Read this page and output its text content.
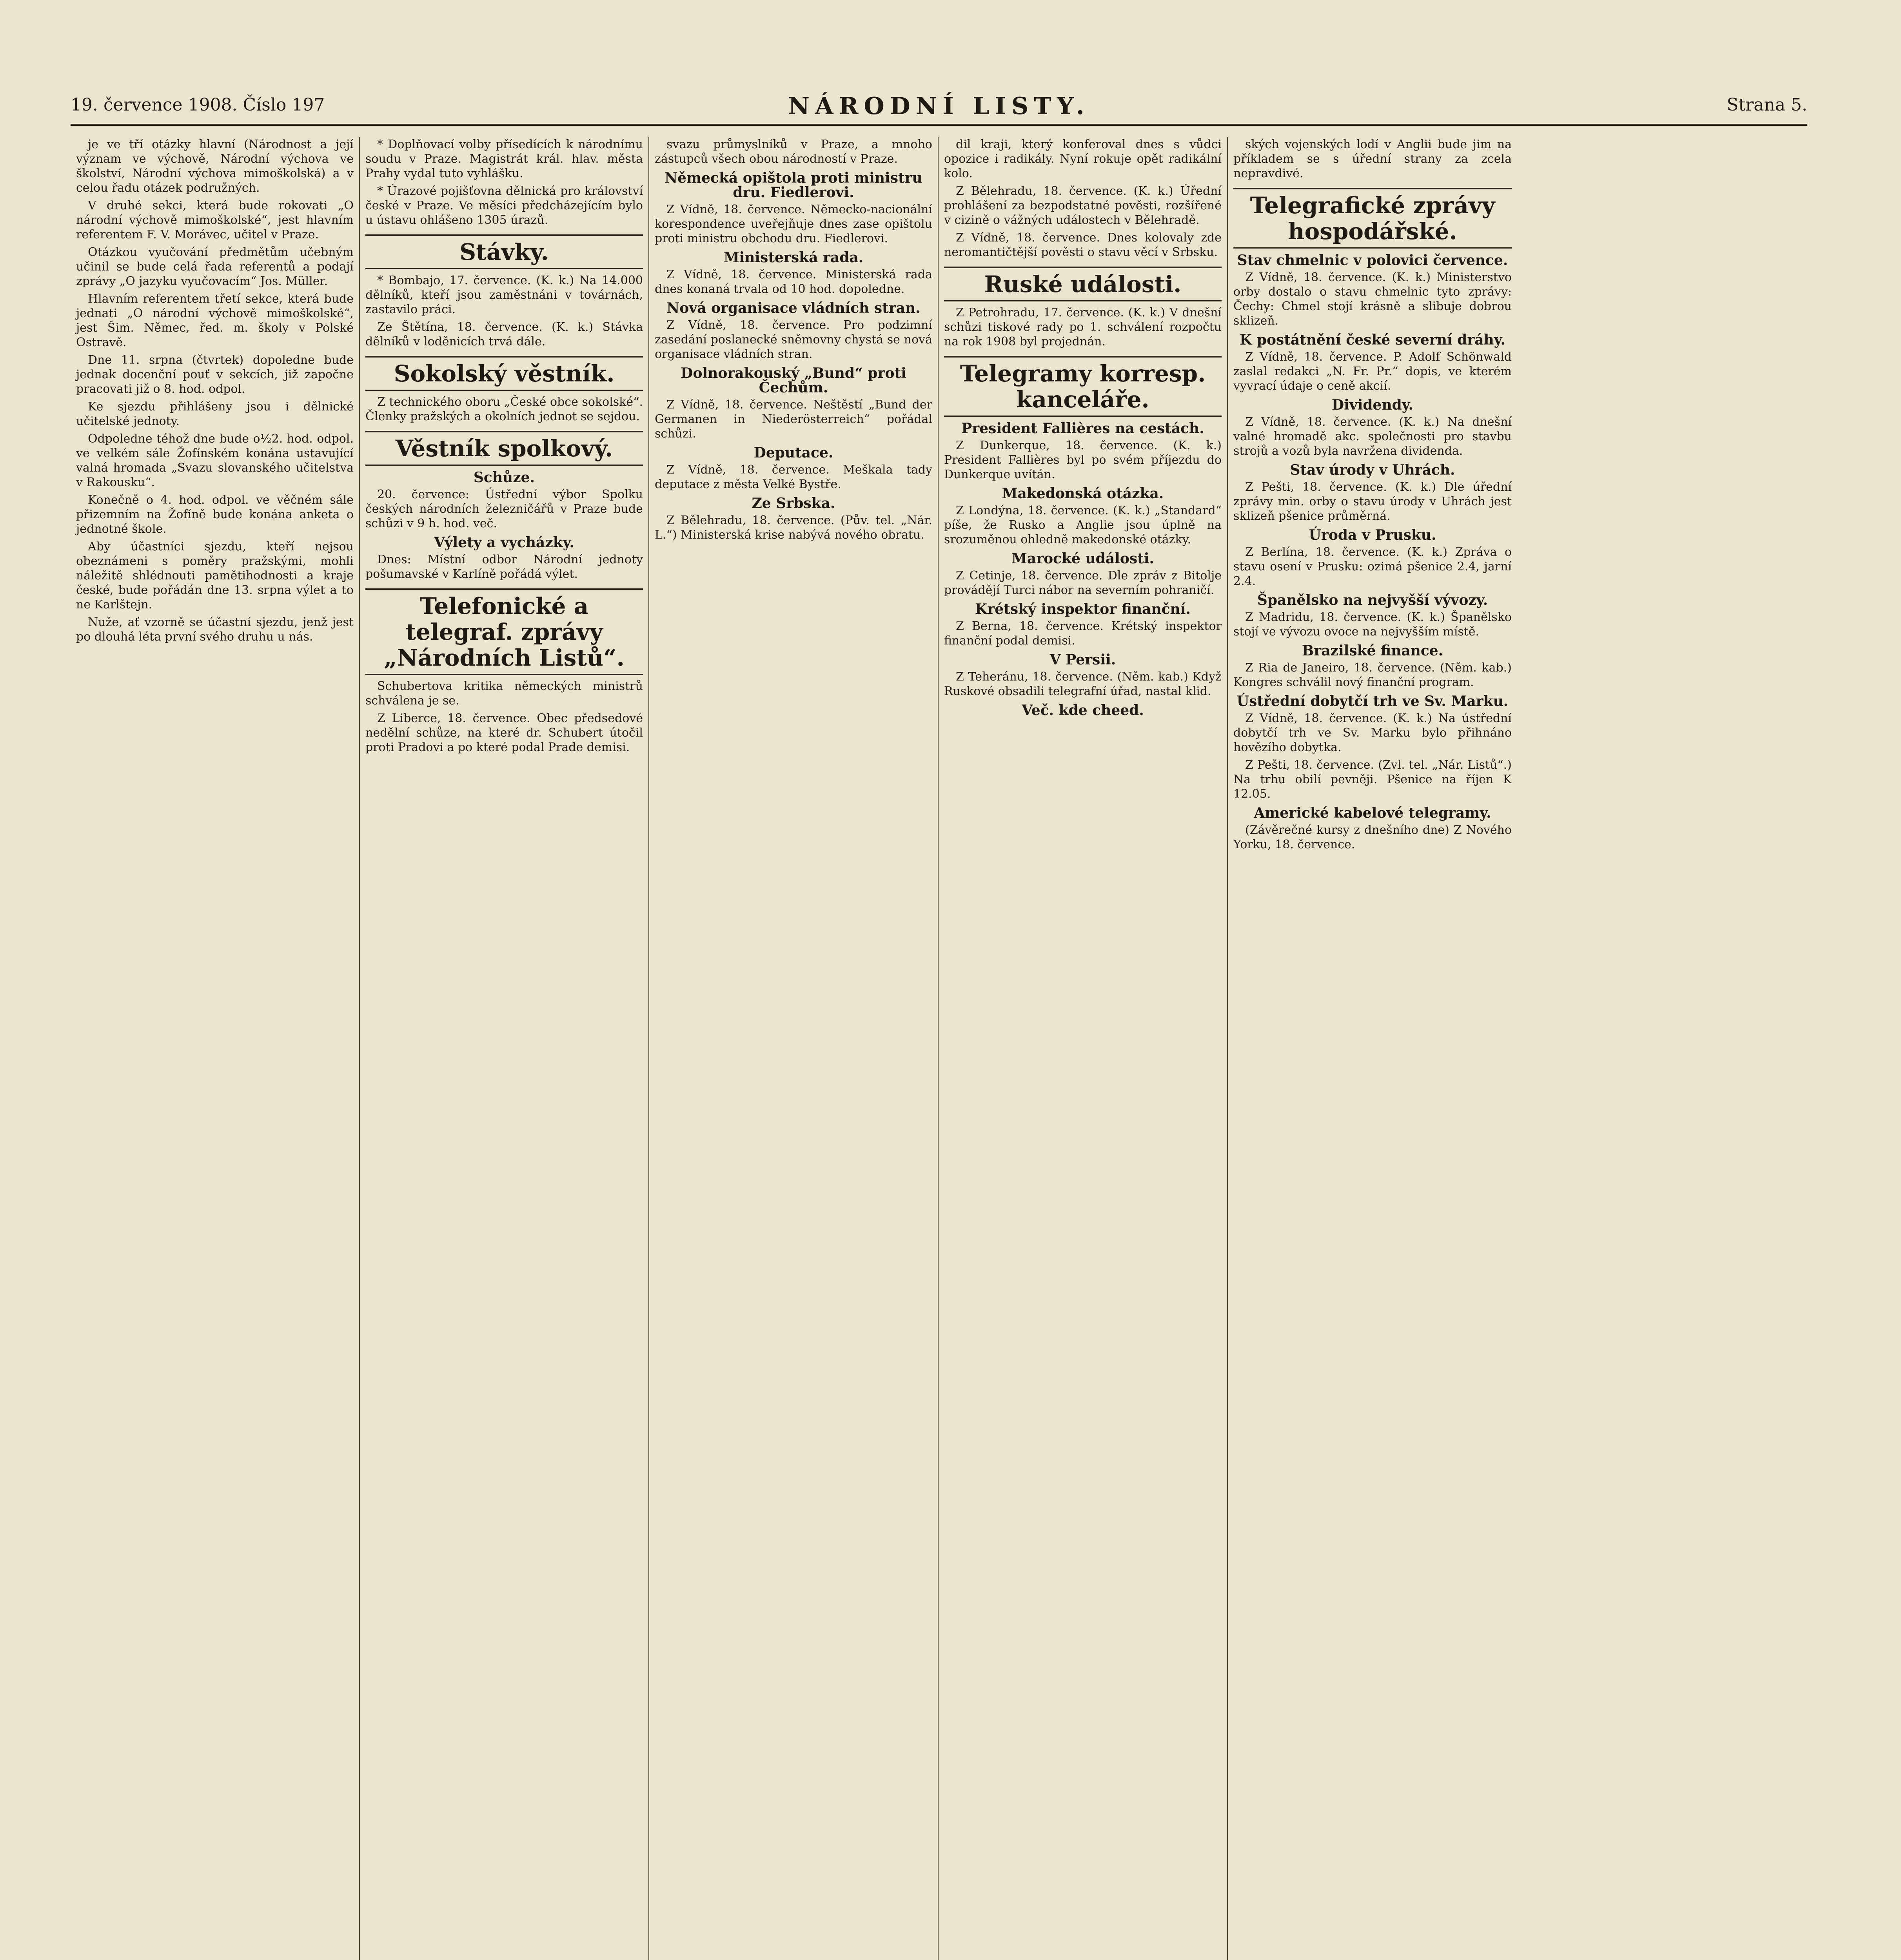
19. července 1908. Číslo 197	NÁRODNÍ LISTY.	Strana 5.

je ve tří otázky hlavní (Národnost a její význam ve výchově, Národní výchova ve školství, Národní výchova mimoškolská) a v celou řadu otázek podružných.

V druhé sekci, která bude rokovati „O národní výchově mimoškolské“, jest hlavním referentem F. V. Morávec, učitel v Praze.

Otázkou vyučování předmětům učebným učinil se bude celá řada referentů a podají zprávy „O jazyku vyučovacím“ Jos. Müller.

Hlavním referentem třetí sekce, která bude jednati „O národní výchově mimoškolské“, jest Šim. Němec, řed. m. školy v Polské Ostravě.

Dne 11. srpna (čtvrtek) dopoledne bude jednak docenční pouť v sekcích, již započne pracovati již o 8. hod. odpol.

Ke sjezdu přihlášeny jsou i dělnické učitelské jednoty.

Odpoledne téhož dne bude o½2. hod. odpol. ve velkém sále Žofínském konána ustavující valná hromada „Svazu slovanského učitelstva v Rakousku“.

Konečně o 4. hod. odpol. ve věčném sále přizemním na Žofíně bude konána anketa o jednotné škole.

Aby účastníci sjezdu, kteří nejsou obeznámeni s poměry pražskými, mohli náležitě shlédnouti pamětihodnosti a kraje české, bude pořádán dne 13. srpna výlet a to ne Karlštejn.

Nuže, ať vzorně se účastní sjezdu, jenž jest po dlouhá léta první svého druhu u nás.

* Doplňovací volby přísedících k národnímu soudu v Praze. Magistrát král. hlav. města Prahy vydal tuto vyhlášku.

* Úrazové pojišťovna dělnická pro království české v Praze. Ve měsíci předcházejícím bylo u ústavu ohlášeno 1305 úrazů.

Stávky.

* Bombajo, 17. července. (K. k.) Na 14.000 dělníků, kteří jsou zaměstnáni v továrnách, zastavilo práci.

Ze Štětína, 18. července. (K. k.) Stávka dělníků v loděnicích trvá dále.

Sokolský věstník.

Z technického oboru „České obce sokolské“. Členky pražských a okolních jednot se sejdou.

Věstník spolkový.
Schůze.

20. července: Ústřední výbor Spolku českých národních železničářů v Praze bude schůzi v 9 h. hod. več.

Výlety a vycházky.

Dnes: Místní odbor Národní jednoty pošumavské v Karlíně pořádá výlet.

Telefonické a telegraf. zprávy „Národních Listů“.

Schubertova kritika německých ministrů schválena je se.

Z Liberce, 18. července. Obec předsedové nedělní schůze, na které dr. Schubert útočil proti Pradovi a po které podal Prade demisi.

svazu průmyslníků v Praze, a mnoho zástupců všech obou národností v Praze.

Německá opištola proti ministru dru. Fiedlerovi.

Z Vídně, 18. července. Německo-nacionální korespondence uveřejňuje dnes zase opištolu proti ministru obchodu dru. Fiedlerovi.

Ministerská rada.

Z Vídně, 18. července. Ministerská rada dnes konaná trvala od 10 hod. dopoledne.

Nová organisace vládních stran.

Z Vídně, 18. července. Pro podzimní zasedání poslanecké sněmovny chystá se nová organisace vládních stran.

Dolnorakouský „Bund“ proti Čechům.

Z Vídně, 18. července. Neštěstí „Bund der Germanen in Niederösterreich“ pořádal schůzi.

Deputace.

Z Vídně, 18. července. Meškala tady deputace z města Velké Bystře.

Ze Srbska.

Z Bělehradu, 18. července. (Pův. tel. „Nár. L.“) Ministerská krise nabývá nového obratu.

dil kraji, který konferoval dnes s vůdci opozice i radikály. Nyní rokuje opět radikální kolo.

Z Bělehradu, 18. července. (K. k.) Úřední prohlášení za bezpodstatné pověsti, rozšířené v cizině o vážných událostech v Bělehradě.

Z Vídně, 18. července. Dnes kolovaly zde neromantičtější pověsti o stavu věcí v Srbsku.

Ruské události.

Z Petrohradu, 17. července. (K. k.) V dnešní schůzi tiskové rady po 1. schválení rozpočtu na rok 1908 byl projednán.

Telegramy korresp. kanceláře.
President Fallières na cestách.

Z Dunkerque, 18. července. (K. k.) President Fallières byl po svém příjezdu do Dunkerque uvítán.

Makedonská otázka.

Z Londýna, 18. července. (K. k.) „Standard“ píše, že Rusko a Anglie jsou úplně na srozuměnou ohledně makedonské otázky.

Marocké události.

Z Cetinje, 18. července. Dle zpráv z Bitolje provádějí Turci nábor na severním pohraničí.

Krétský inspektor finanční.

Z Berna, 18. července. Krétský inspektor finanční podal demisi.

V Persii.

Z Teheránu, 18. července. (Něm. kab.) Když Ruskové obsadili telegrafní úřad, nastal klid.

Več. kde cheed.

ských vojenských lodí v Anglii bude jim na příkladem se s úřední strany za zcela nepravdivé.

Telegrafické zprávy hospodářské.
Stav chmelnic v polovici července.

Z Vídně, 18. července. (K. k.) Ministerstvo orby dostalo o stavu chmelnic tyto zprávy: Čechy: Chmel stojí krásně a slibuje dobrou sklizeň.

K postátnění české severní dráhy.

Z Vídně, 18. července. P. Adolf Schönwald zaslal redakci „N. Fr. Pr.“ dopis, ve kterém vyvrací údaje o ceně akcií.

Dividendy.

Z Vídně, 18. července. (K. k.) Na dnešní valné hromadě akc. společnosti pro stavbu strojů a vozů byla navržena dividenda.

Stav úrody v Uhrách.

Z Pešti, 18. července. (K. k.) Dle úřední zprávy min. orby o stavu úrody v Uhrách jest sklizeň pšenice průměrná.

Úroda v Prusku.

Z Berlína, 18. července. (K. k.) Zpráva o stavu osení v Prusku: ozimá pšenice 2.4, jarní 2.4.

Španělsko na nejvyšší vývozy.

Z Madridu, 18. července. (K. k.) Španělsko stojí ve vývozu ovoce na nejvyšším místě.

Brazilské finance.

Z Ria de Janeiro, 18. července. (Něm. kab.) Kongres schválil nový finanční program.

Ústřední dobytčí trh ve Sv. Marku.

Z Vídně, 18. července. (K. k.) Na ústřední dobytčí trh ve Sv. Marku bylo přihnáno hovězího dobytka.

Z Pešti, 18. července. (Zvl. tel. „Nár. Listů“.) Na trhu obilí pevněji. Pšenice na říjen K 12.05.

Americké kabelové telegramy.

(Závěrečné kursy z dnešního dne) Z Nového Yorku, 18. července.
